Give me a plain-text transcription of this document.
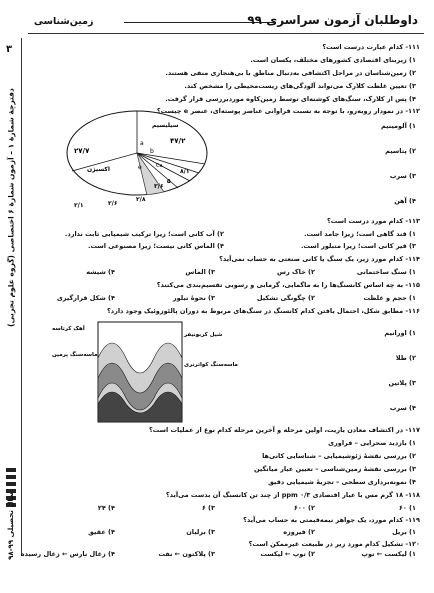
داوطلبان آزمون سراسری ۹۹
زمین‌شناسی
۳
دفترچهٔ شمارهٔ ۱ – آزمون شمارهٔ ۶ اختصاصی (گروه علوم تجربی)
سال تحصیلی ۹۹-۹۸
۱۱۱- کدام عبارت درست است؟
۱) زیربنای اقتصادی کشورهای مختلف، یکسان است.
۲) زمین‌شناسان در مراحل اکتشافی به‌دنبال مناطق با بی‌هنجاری منفی هستند.
۳) تعیین غلظت کلارک می‌تواند آلودگی‌های زیست‌محیطی را مشخص کند.
۴) پس از کلارک، سنگ‌های کوشنه‌ای توسط زمین‌کاوه موردبررسی قرار گرفت.
۱۱۲- در نمودار روبه‌رو، با توجه به نسبت فراوانی عناصر پوسته‌ای، عنصر e چیست؟
۱) آلومینیم
۲) پتاسیم
۳) سرب
۴) آهن
۱۱۳- کدام مورد درست است؟
۱) قند گاهی است؛ زیرا جامد است.
۲) آب کانی است؛ زیرا ترکیب شیمیایی ثابت ندارد.
۳) قیر کانی است؛ زیرا متبلور است.
۴) الماس کانی نیست؛ زیرا مصنوعی است.
۱۱۴- کدام مورد زیر، یک سنگ یا کانی صنعتی به حساب نمی‌آید؟
۱) سنگ ساختمانی
۲) خاک رس
۳) الماس
۴) شیشه
۱۱۵- به چه اساس کانسنگ‌ها را به ماگمایی، گرمابی و رسوبی تقسیم‌بندی می‌کنند؟
۱) حجم و غلظت
۲) چگونگی تشکیل
۳) نحوهٔ تبلور
۴) شکل قرارگیری
۱۱۶- مطابق شکل، احتمال یافتن کدام کانسنگ در سنگ‌های مربوط به دوران پالئوزوئیک وجود دارد؟
۱) اورانیم
۲) طلا
۳) پلاتین
۴) سرب
۱۱۷- در اکتشاف معادن باریت، اولین مرحله و آخرین مرحله کدام نوع از عملیات است؟
۱) بازدید صحرایی – فراوری
۲) بررسی نقشهٔ ژئوشیمیایی – شناسایی کانی‌ها
۳) بررسی نقشهٔ زمین‌شناسی – تعیین عیار میانگین
۴) نمونه‌برداری سطحی – تجزیهٔ شیمیایی دقیق
۱۱۸- ۱۸ گرم مس با عیار اقتصادی ۰/۳ ppm از چند تن کانسنگ آن بدست می‌آید؟
۱) ۶۰
۲) ۶۰۰
۳) ۶
۴) ۲۴
۱۱۹- کدام مورد، یک جواهر نیمه‌قیمتی به حساب می‌آید؟
۱) بریل
۲) فیروزه
۳) برلیان
۴) عقیق
۱۲۰- تشکیل کدام مورد زیر در طبیعت غیرممکن است؟
۱) لیکست ← توپ
۲) توپ ← لیکست
۳) پلاکتون ← نفت
۴) زغال نارس ← زغال رسیده
۴۷/۲
۲۷/۷
۸/۱
۵
۳/۶
۲/۸
۲/۶
۲/۱
a
b
e	Ca
اکسیژن
سیلیسیم
آهک کرتاسه
ماسه‌سنگ پرمین
شیل کربونیفر
ماسه‌سنگ کواترنری
